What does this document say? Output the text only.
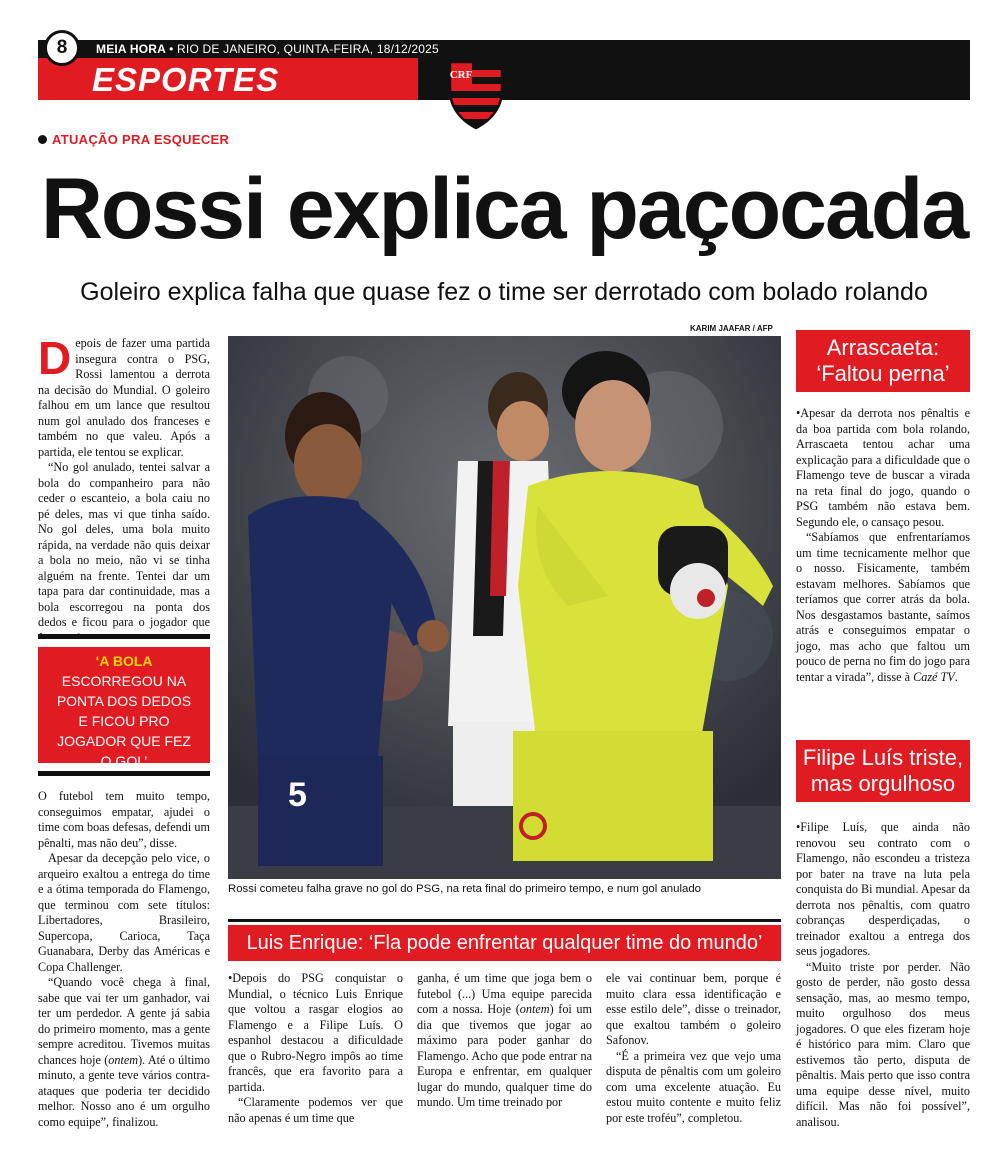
8	MEIA HORA • RIO DE JANEIRO, QUINTA-FEIRA, 18/12/2025
ESPORTES	CRF
ATUAÇÃO PRA ESQUECER
Rossi explica paçocada
Goleiro explica falha que quase fez o time ser derrotado com bolado rolando

Depois de fazer uma partida insegura contra o PSG, Rossi lamentou a derrota na decisão do Mundial. O goleiro falhou em um lance que resultou num gol anulado dos franceses e também no que valeu. Após a partida, ele tentou se explicar.

“No gol anulado, tentei salvar a bola do companheiro para não ceder o escanteio, a bola caiu no pé deles, mas vi que tinha saído. No gol deles, uma bola muito rápida, na verdade não quis deixar a bola no meio, não vi se tinha alguém na frente. Tentei dar um tapa para dar continuidade, mas a bola escorregou na ponta dos dedos e ficou para o jogador que

‘A BOLA
ESCORREGOU NA PONTA DOS DEDOS E FICOU PRO JOGADOR QUE FEZ O GOL’

O futebol tem muito tempo, conseguimos empatar, ajudei o time com boas defesas, defendi um pênalti, mas não deu”, disse.

Apesar da decepção pelo vice, o arqueiro exaltou a entrega do time e a ótima temporada do Flamengo, que terminou com sete títulos: Libertadores, Brasileiro, Supercopa, Carioca, Taça Guanabara, Derby das Américas e Copa Challenger.

“Quando você chega à final, sabe que vai ter um ganhador, vai ter um perdedor. A gente já sabia do primeiro momento, mas a gente sempre acreditou. Tivemos muitas chances hoje (ontem). Até o último minuto, a gente teve vários contra-ataques que poderia ter decidido melhor. Nosso ano é um orgulho como equipe”, finalizou.

KARIM JAAFAR / AFP
5
Rossi cometeu falha grave no gol do PSG, na reta final do primeiro tempo, e num gol anulado
Arrascaeta:
‘Faltou perna’

•Apesar da derrota nos pênaltis e da boa partida com bola rolando, Arrascaeta tentou achar uma explicação para a dificuldade que o Flamengo teve de buscar a virada na reta final do jogo, quando o PSG também não estava bem. Segundo ele, o cansaço pesou.

“Sabíamos que enfrentaríamos um time tecnicamente melhor que o nosso. Fisicamente, também estavam melhores. Sabíamos que teríamos que correr atrás da bola. Nos desgastamos bastante, saímos atrás e conseguimos empatar o jogo, mas acho que faltou um pouco de perna no fim do jogo para tentar a virada”, disse à Cazé TV.

Filipe Luís triste,
mas orgulhoso

•Filipe Luís, que ainda não renovou seu contrato com o Flamengo, não escondeu a tristeza por bater na trave na luta pela conquista do Bi mundial. Apesar da derrota nos pênaltis, com quatro cobranças desperdiçadas, o treinador exaltou a entrega dos seus jogadores.

“Muito triste por perder. Não gosto de perder, não gosto dessa sensação, mas, ao mesmo tempo, muito orgulhoso dos meus jogadores. O que eles fizeram hoje é histórico para mim. Claro que estivemos tão perto, disputa de pênaltis. Mais perto que isso contra uma equipe desse nível, muito difícil. Mas não foi possível”, analisou.

Luis Enrique: ‘Fla pode enfrentar qualquer time do mundo’

•Depois do PSG conquistar o Mundial, o técnico Luis Enrique que voltou a rasgar elogios ao Flamengo e a Filipe Luís. O espanhol destacou a dificuldade que o Rubro-Negro impôs ao time francês, que era favorito para a partida.

“Claramente podemos ver que não apenas é um time que

ganha, é um time que joga bem o futebol (...) Uma equipe parecida com a nossa. Hoje (ontem) foi um dia que tivemos que jogar ao máximo para poder ganhar do Flamengo. Acho que pode entrar na Europa e enfrentar, em qualquer lugar do mundo, qualquer time do mundo. Um time treinado por

ele vai continuar bem, porque é muito clara essa identificação e esse estilo dele”, disse o treinador, que exaltou também o goleiro Safonov.

“É a primeira vez que vejo uma disputa de pênaltis com um goleiro com uma excelente atuação. Eu estou muito contente e muito feliz por este troféu”, completou.
